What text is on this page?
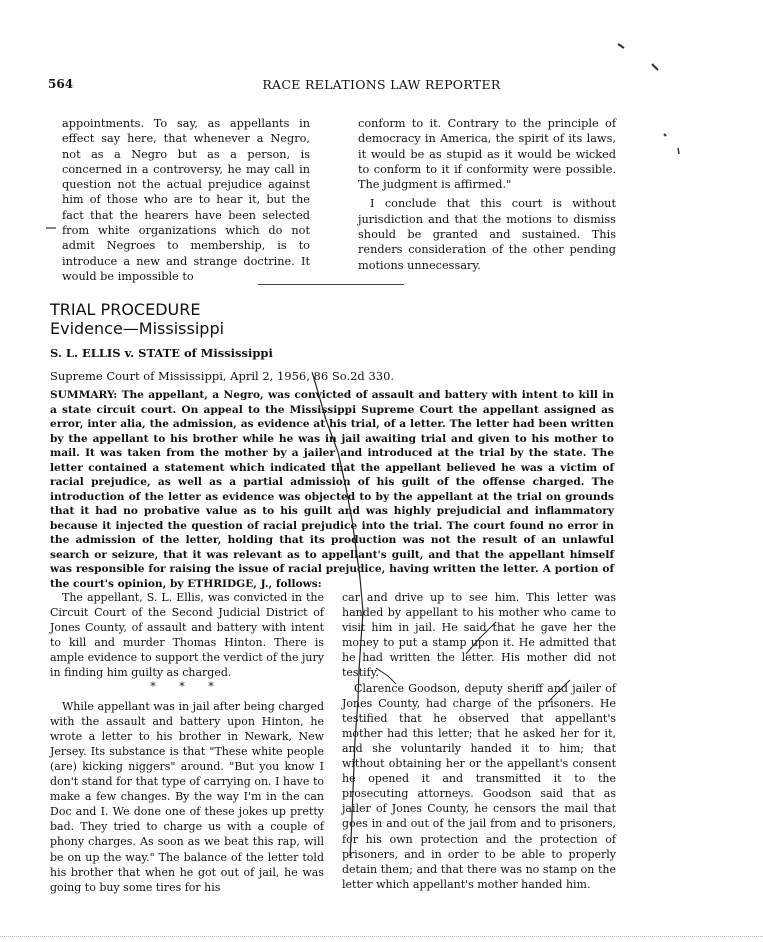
564	RACE RELATIONS LAW REPORTER

appointments. To say, as appellants in effect say here, that whenever a Negro, not as a Negro but as a person, is concerned in a controversy, he may call in question not the actual prejudice against him of those who are to hear it, but the fact that the hearers have been selected from white organizations which do not admit Negroes to membership, is to introduce a new and strange doctrine. It would be impossible to

conform to it. Contrary to the principle of democracy in America, the spirit of its laws, it would be as stupid as it would be wicked to conform to it if conformity were possible. The judgment is affirmed."

I conclude that this court is without jurisdiction and that the motions to dismiss should be granted and sustained. This renders consideration of the other pending motions unnecessary.

TRIAL PROCEDURE
Evidence—Mississippi
S. L. ELLIS v. STATE of Mississippi
Supreme Court of Mississippi, April 2, 1956, 86 So.2d 330.
SUMMARY: The appellant, a Negro, was convicted of assault and battery with intent to kill in a state circuit court. On appeal to the Mississippi Supreme Court the appellant assigned as error, inter alia, the admission, as evidence at his trial, of a letter. The letter had been written by the appellant to his brother while he was in jail awaiting trial and given to his mother to mail. It was taken from the mother by a jailer and introduced at the trial by the state. The letter contained a statement which indicated that the appellant believed he was a victim of racial prejudice, as well as a partial admission of his guilt of the offense charged. The introduction of the letter as evidence was objected to by the appellant at the trial on grounds that it had no probative value as to his guilt and was highly prejudicial and inflammatory because it injected the question of racial prejudice into the trial. The court found no error in the admission of the letter, holding that its production was not the result of an unlawful search or seizure, that it was relevant as to appellant's guilt, and that the appellant himself was responsible for raising the issue of racial prejudice, having written the letter. A portion of the court's opinion, by ETHRIDGE, J., follows:

The appellant, S. L. Ellis, was convicted in the Circuit Court of the Second Judicial District of Jones County, of assault and battery with intent to kill and murder Thomas Hinton. There is ample evidence to support the verdict of the jury in finding him guilty as charged.

* * *

While appellant was in jail after being charged with the assault and battery upon Hinton, he wrote a letter to his brother in Newark, New Jersey. Its substance is that "These white people (are) kicking niggers" around. "But you know I don't stand for that type of carrying on. I have to make a few changes. By the way I'm in the can Doc and I. We done one of these jokes up pretty bad. They tried to charge us with a couple of phony charges. As soon as we beat this rap, will be on up the way." The balance of the letter told his brother that when he got out of jail, he was going to buy some tires for his

car and drive up to see him. This letter was handed by appellant to his mother who came to visit him in jail. He said that he gave her the money to put a stamp upon it. He admitted that he had written the letter. His mother did not testify.

Clarence Goodson, deputy sheriff and jailer of Jones County, had charge of the prisoners. He testified that he observed that appellant's mother had this letter; that he asked her for it, and she voluntarily handed it to him; that without obtaining her or the appellant's consent he opened it and transmitted it to the prosecuting attorneys. Goodson said that as jailer of Jones County, he censors the mail that goes in and out of the jail from and to prisoners, for his own protection and the protection of prisoners, and in order to be able to properly detain them; and that there was no stamp on the letter which appellant's mother handed him.
